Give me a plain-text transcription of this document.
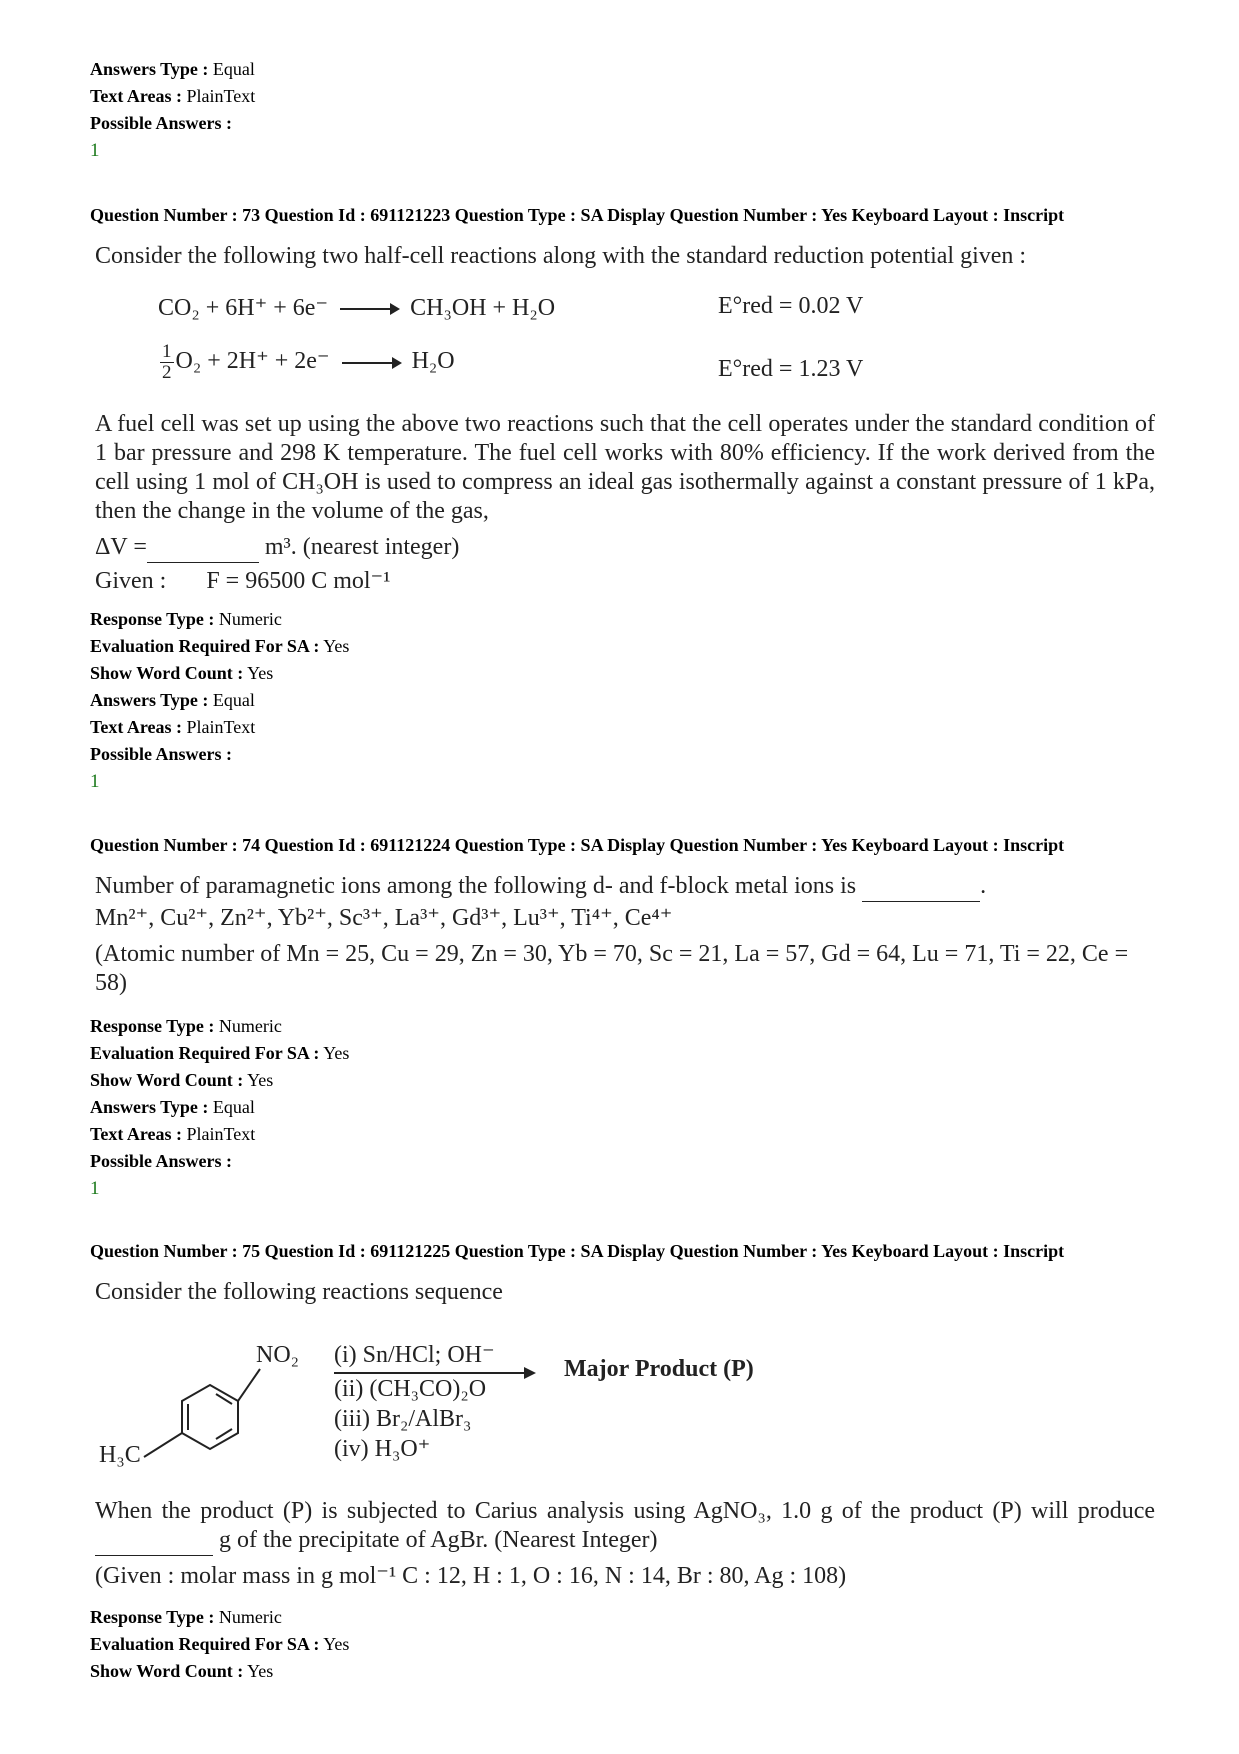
Answers Type : Equal
Text Areas : PlainText
Possible Answers :
1
Question Number : 73 Question Id : 691121223 Question Type : SA Display Question Number : Yes Keyboard Layout : Inscript
Consider the following two half-cell reactions along with the standard reduction potential given :
CO₂ + 6H⁺ + 6e⁻ → CH₃OH + H₂O	E°red = 0.02 V
$\frac{1}{2} O_2 + 2H^+ + 2e^- \to H_2O$	E°red = 1.23 V
A fuel cell was set up using the above two reactions such that the cell operates under the standard condition of 1 bar pressure and 298 K temperature. The fuel cell works with 80% efficiency. If the work derived from the cell using 1 mol of CH₃OH is used to compress an ideal gas isothermally against a constant pressure of 1 kPa, then the change in the volume of the gas,
ΔV =	m³. (nearest integer)
Given : F = 96500 C mol⁻¹
Response Type : Numeric
Evaluation Required For SA : Yes
Show Word Count : Yes
Answers Type : Equal
Text Areas : PlainText
Possible Answers :
1
Question Number : 74 Question Id : 691121224 Question Type : SA Display Question Number : Yes Keyboard Layout : Inscript
Number of paramagnetic ions among the following d- and f-block metal ions is	.
Mn²⁺, Cu²⁺, Zn²⁺, Yb²⁺, Sc³⁺, La³⁺, Gd³⁺, Lu³⁺, Ti⁴⁺, Ce⁴⁺
(Atomic number of Mn = 25, Cu = 29, Zn = 30, Yb = 70, Sc = 21, La = 57, Gd = 64, Lu = 71, Ti = 22, Ce = 58)
Response Type : Numeric
Evaluation Required For SA : Yes
Show Word Count : Yes
Answers Type : Equal
Text Areas : PlainText
Possible Answers :
1
Question Number : 75 Question Id : 691121225 Question Type : SA Display Question Number : Yes Keyboard Layout : Inscript
Consider the following reactions sequence
NO₂
H₃C
(i) Sn/HCl; OH⁻
(ii) (CH₃CO)₂O
(iii) Br₂/AlBr₃
(iv) H₃O⁺
Major Product (P)
When the product (P) is subjected to Carius analysis using AgNO₃, 1.0 g of the product (P) will produce   g of the precipitate of AgBr. (Nearest Integer)
(Given : molar mass in g mol⁻¹ C : 12, H : 1, O : 16, N : 14, Br : 80, Ag : 108)
Response Type : Numeric
Evaluation Required For SA : Yes
Show Word Count : Yes
